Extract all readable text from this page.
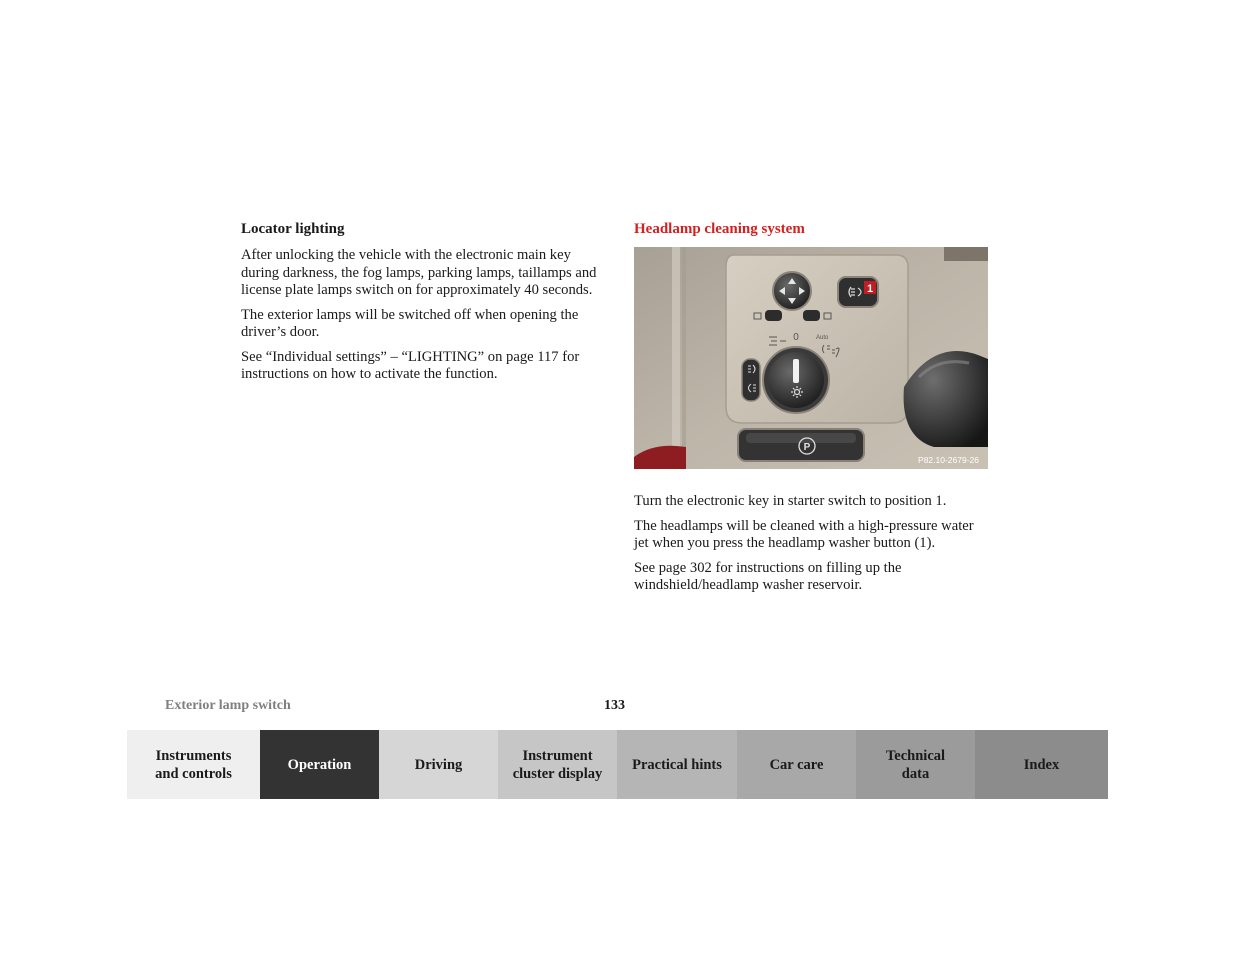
Locator lighting

After unlocking the vehicle with the electronic main key during darkness, the fog lamps, parking lamps, taillamps and license plate lamps switch on for approximately 40 seconds.

The exterior lamps will be switched off when opening the driver’s door.

See “Individual settings” – “LIGHTING” on page 117 for instructions on how to activate the function.

Headlamp cleaning system
1
0	Auto
P
P82.10-2679-26

Turn the electronic key in starter switch to position 1.

The headlamps will be cleaned with a high-pressure water jet when you press the headlamp washer button (1).

See page 302 for instructions on filling up the windshield/headlamp washer reservoir.

Exterior lamp switch	133
Instruments and controls
Operation	Driving
Instrument cluster display
Practical hints	Car care
Technical data
Index
